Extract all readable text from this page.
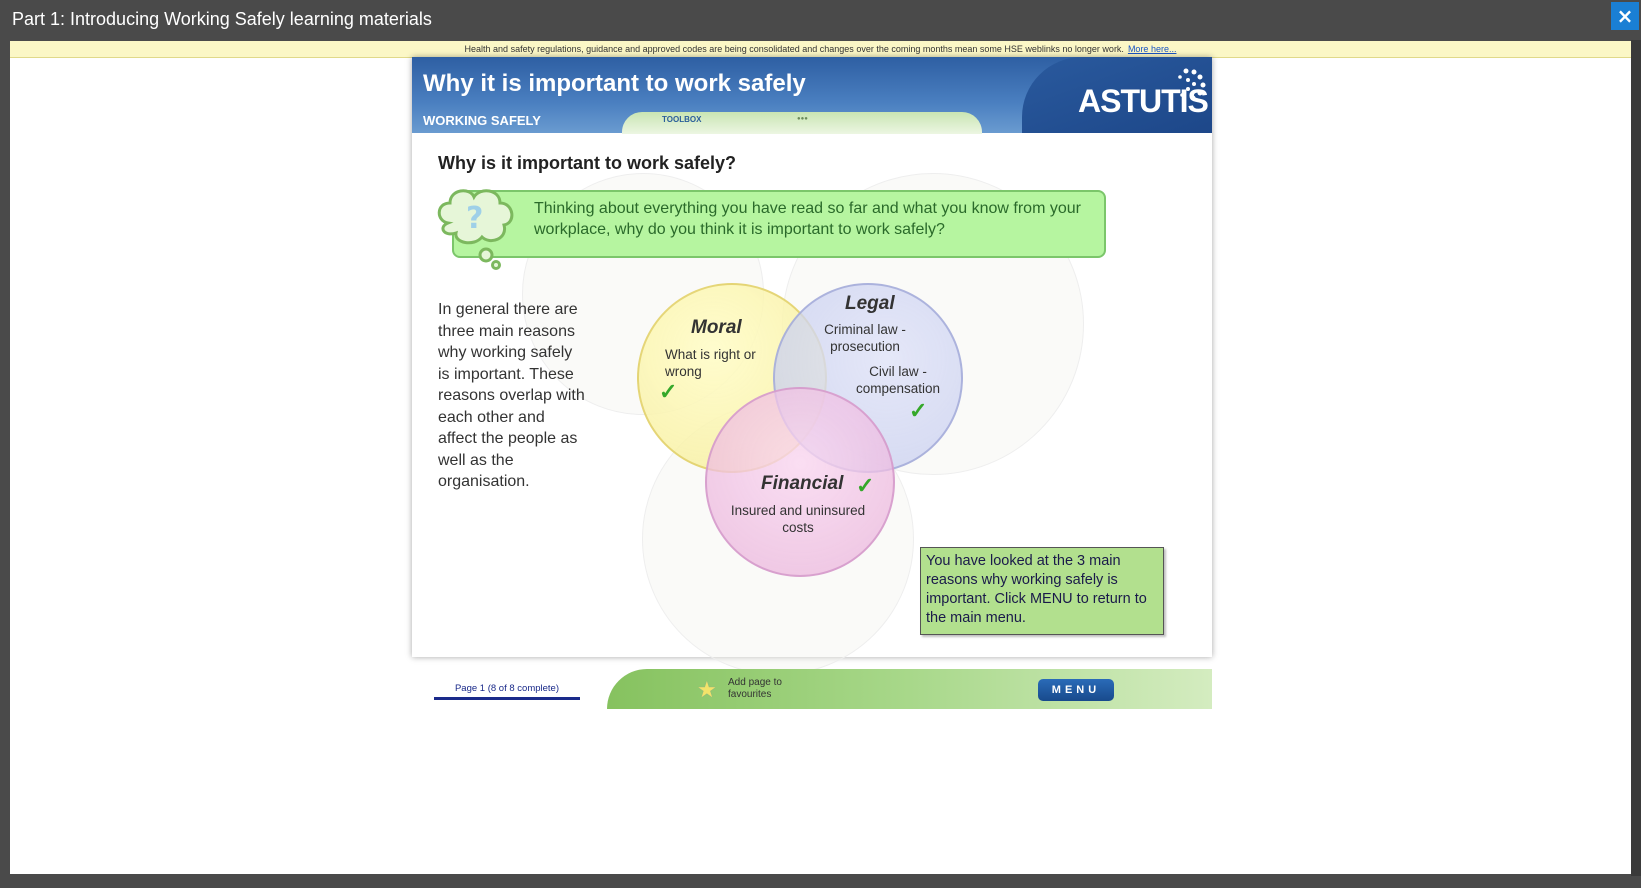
Part 1: Introducing Working Safely learning materials	×
Health and safety regulations, guidance and approved codes are being consolidated and changes over the coming months mean some HSE weblinks no longer work. More here...
Why it is important to work safely
WORKING SAFELY	TOOLBOX	●●●	ASTUTIS
Why is it important to work safely?
Thinking about everything you have read so far and what you know from your workplace, why do you think it is important to work safely?
?
In general there are three main reasons why working safely is important. These reasons overlap with each other and affect the people as well as the organisation.
Moral
What is right or wrong
✓
Legal
Criminal law - prosecution
Civil law - compensation
✓
Financial ✓
Insured and uninsured costs
You have looked at the 3 main reasons why working safely is important. Click MENU to return to the main menu.
Page 1 (8 of 8 complete)	★ Add page to favourites	MENU
